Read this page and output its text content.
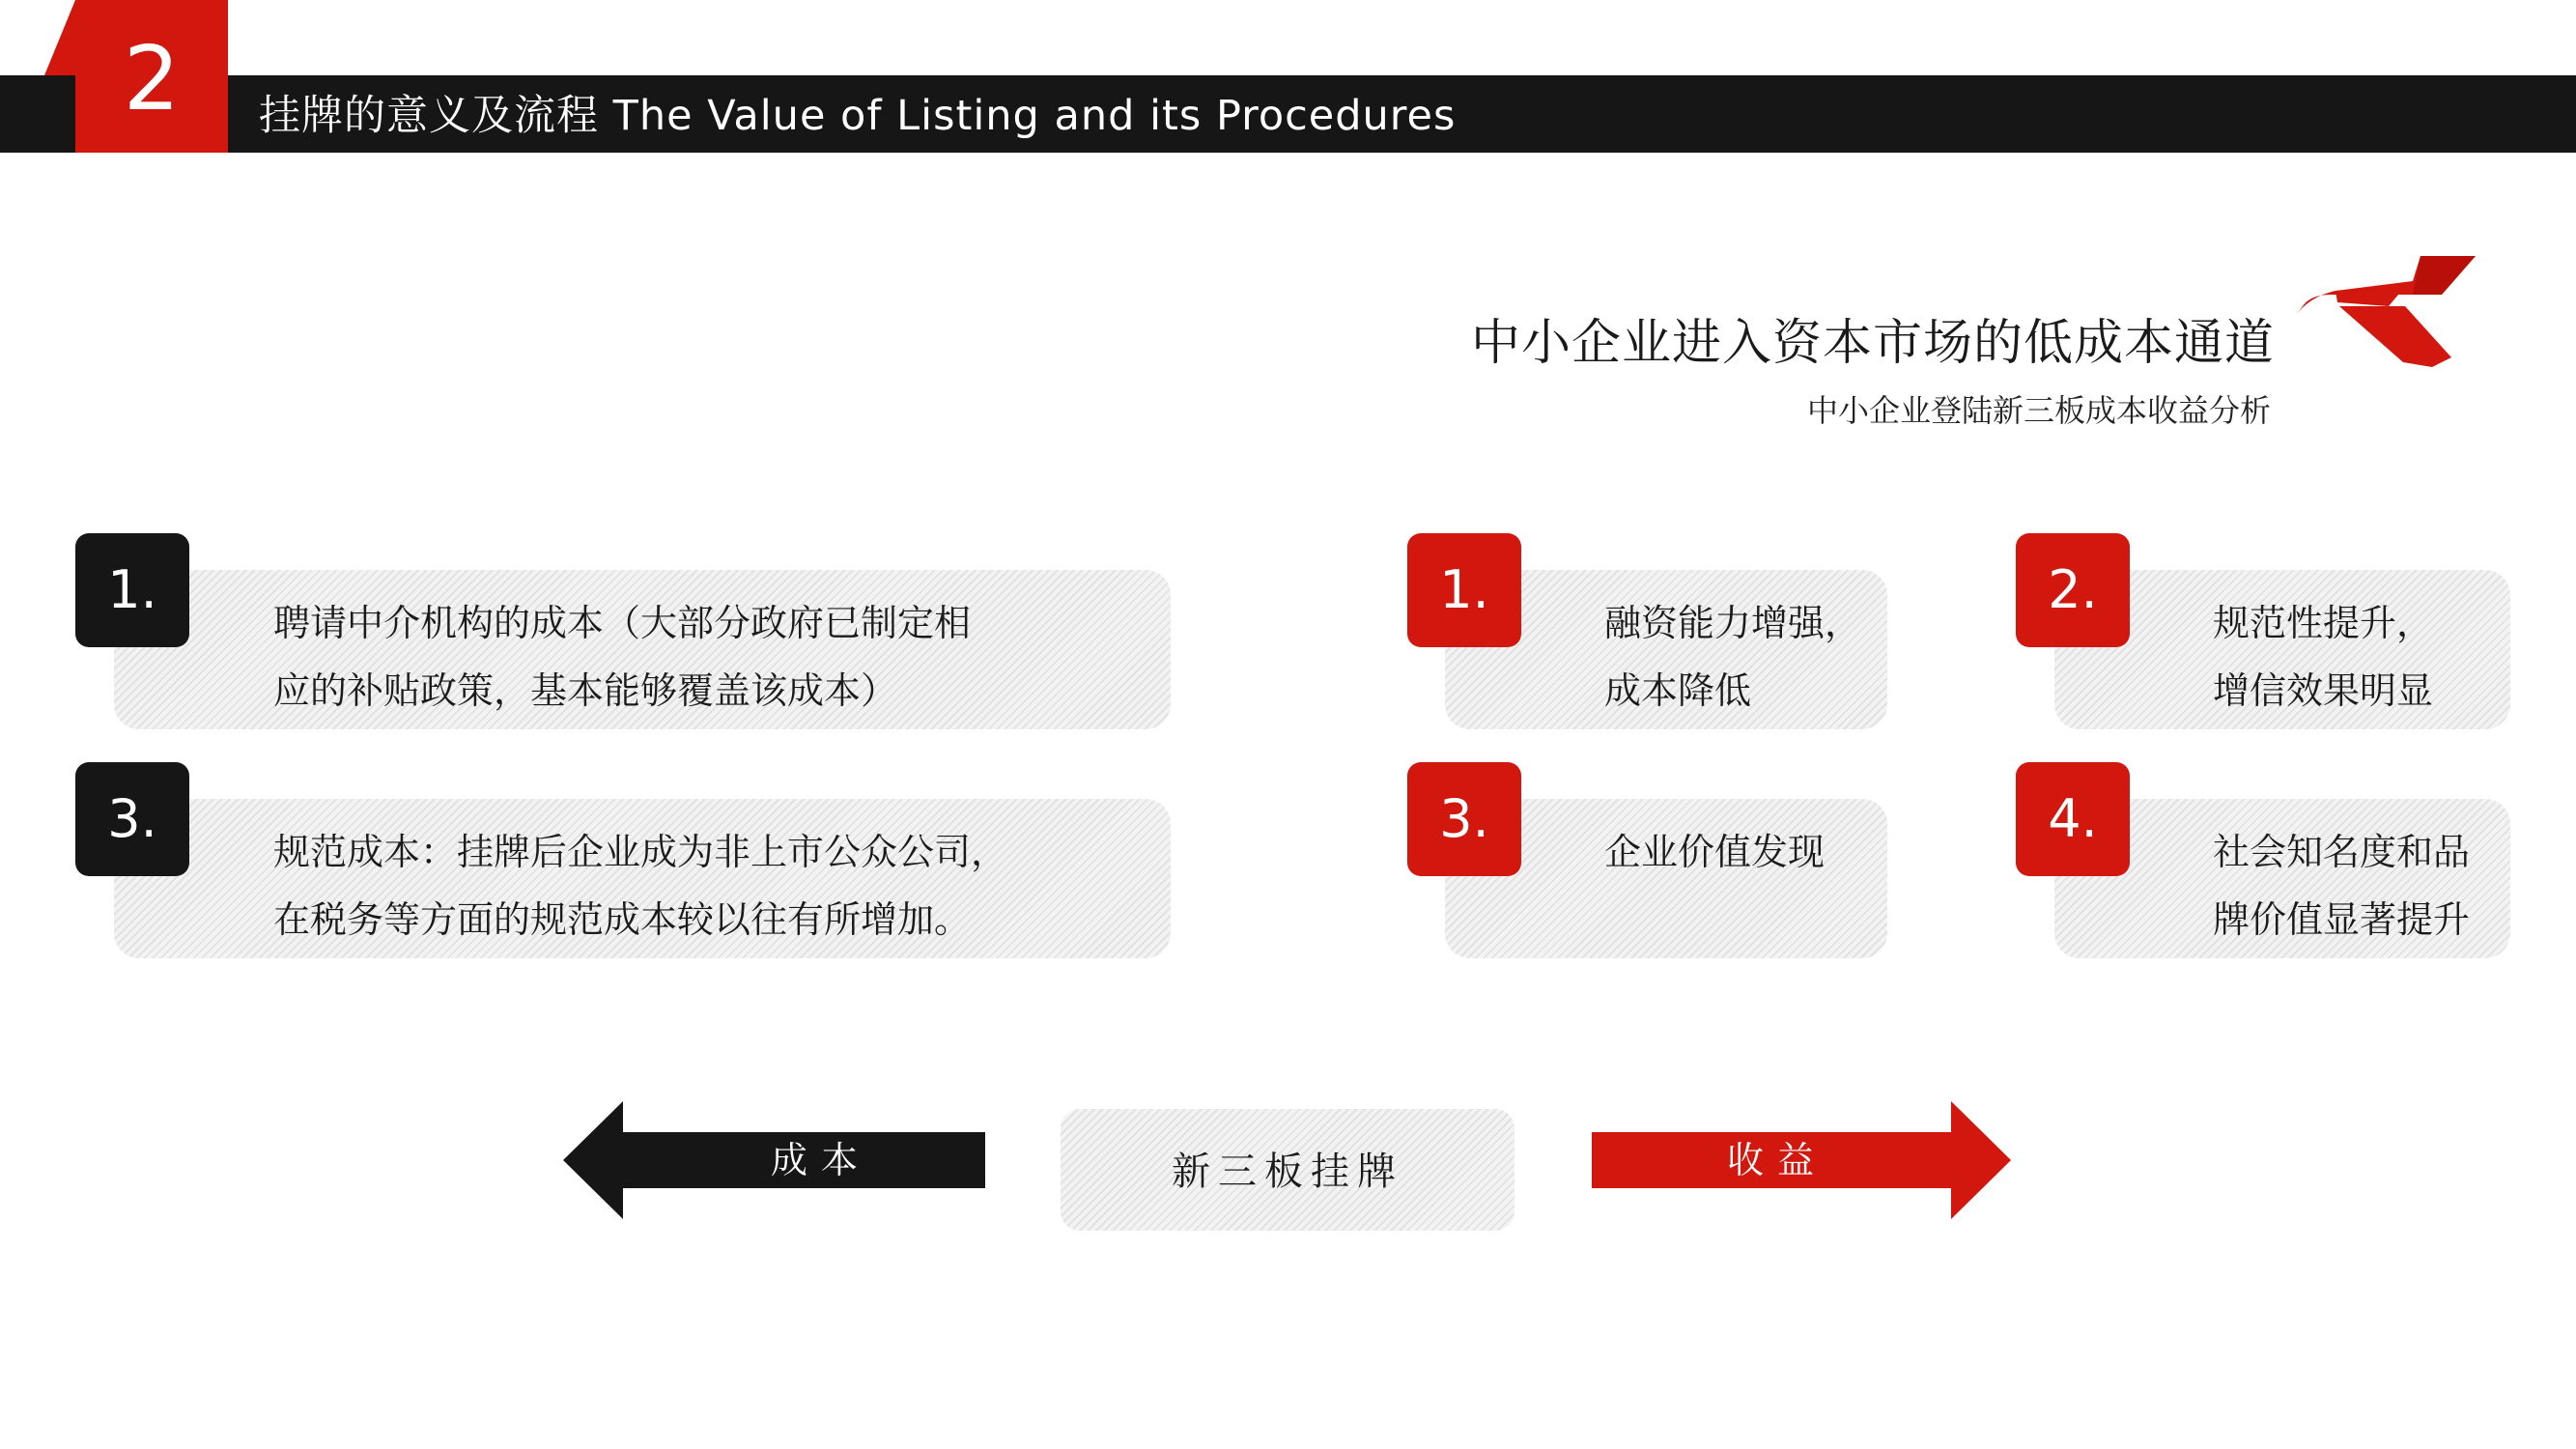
2	挂牌的意义及流程 The Value of Listing and its Procedures
中小企业进入资本市场的低成本通道
中小企业登陆新三板成本收益分析
1.
聘请中介机构的成本（大部分政府已制定相
应的补贴政策，基本能够覆盖该成本）
3.
规范成本：挂牌后企业成为非上市公众公司，
在税务等方面的规范成本较以往有所增加。
1.
融资能力增强，
成本降低
2.
规范性提升，
增信效果明显
3.
企业价值发现
4.
社会知名度和品
牌价值显著提升
成本	新三板挂牌	收益
